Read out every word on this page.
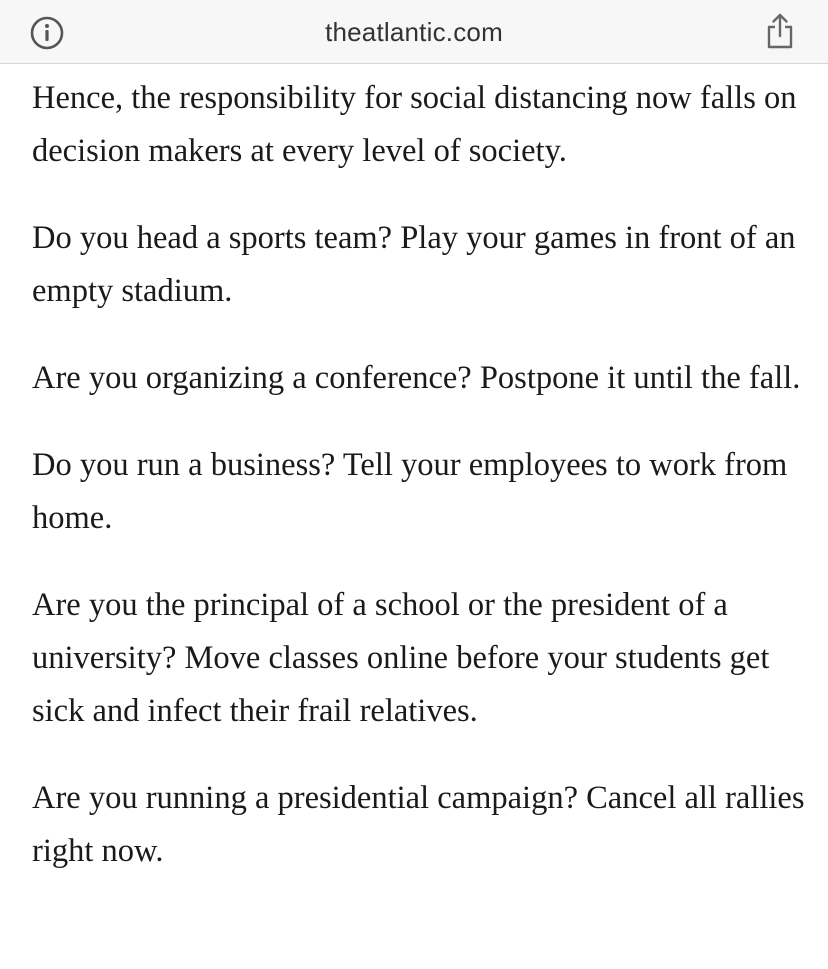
theatlantic.com

Hence, the responsibility for social distancing now falls on decision makers at every level of society.

Do you head a sports team? Play your games in front of an empty stadium.

Are you organizing a conference? Postpone it until the fall.

Do you run a business? Tell your employees to work from home.

Are you the principal of a school or the president of a university? Move classes online before your students get sick and infect their frail relatives.

Are you running a presidential campaign? Cancel all rallies right now.
